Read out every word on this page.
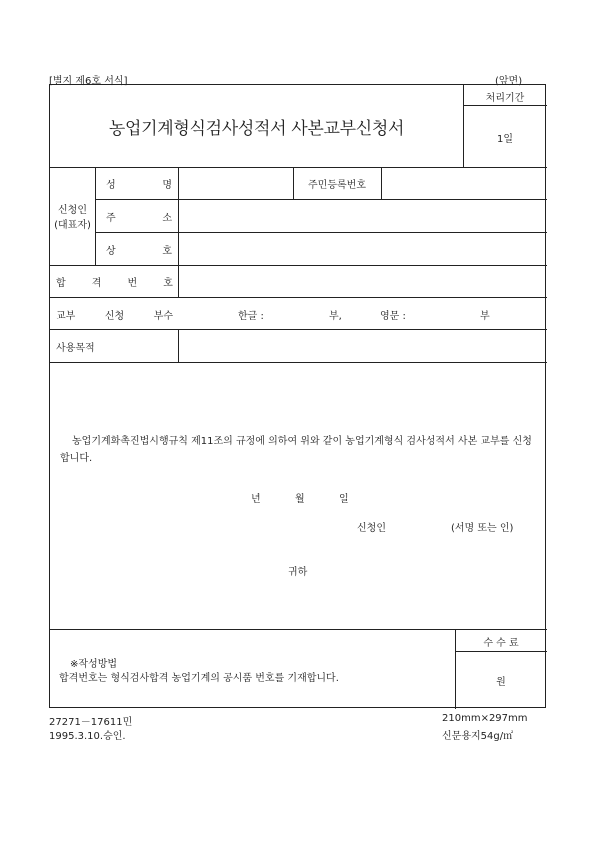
[별지 제6호 서식]	(앞면)
농업기계형식검사성적서 사본교부신청서
처리기간
1일
신청인
(대표자)
성	명	주민등록번호
주	소
상	호
합	격	번	호
교부	신청	부수	한글 :	부,	영문 :	부
사용목적
농업기계화촉진법시행규칙 제11조의 규정에 의하여 위와 같이 농업기계형식 검사성적서 사본 교부를 신청합니다.
년	월	일
신청인	(서명 또는 인)
귀하
※작성방법
합격번호는 형식검사합격 농업기계의 공시품 번호를 기재합니다.
수 수 료
원
27271－17611민
1995.3.10.승인.
210mm×297mm
신문용지54g/㎡
